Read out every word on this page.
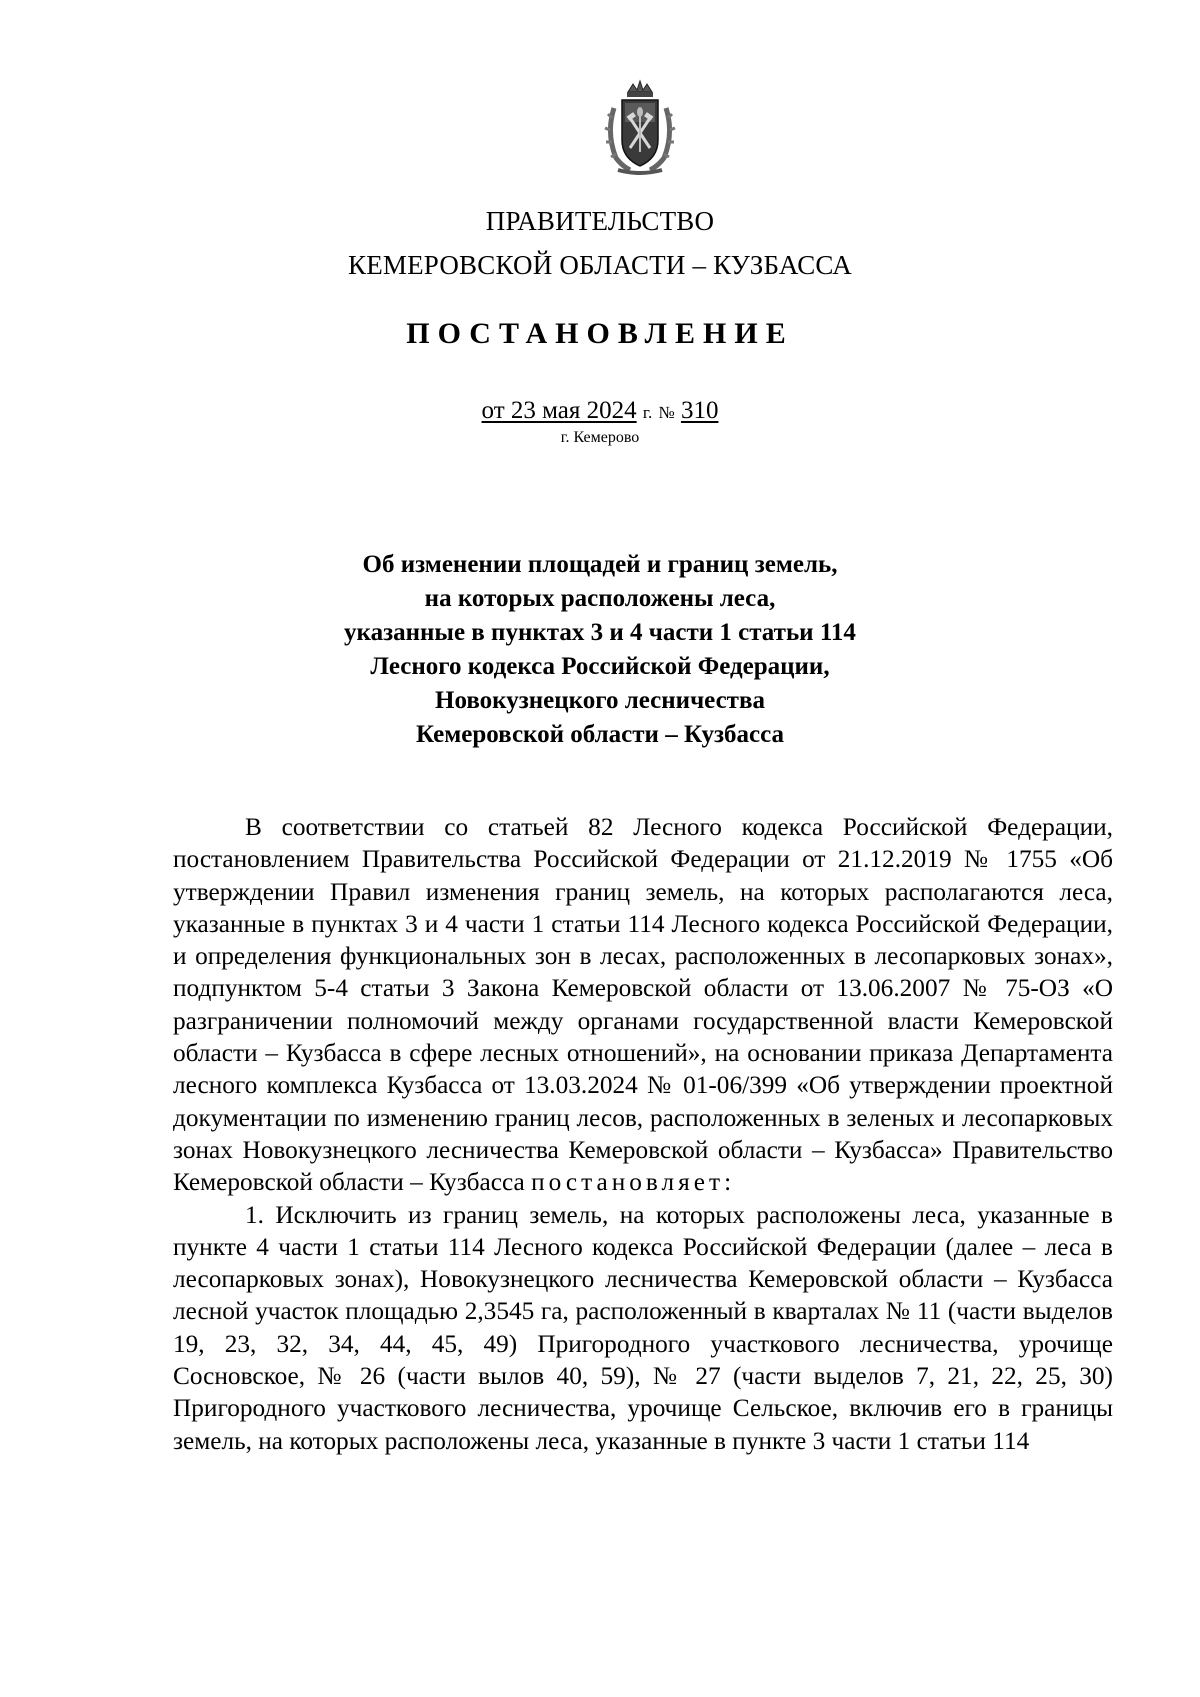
ПРАВИТЕЛЬСТВО
КЕМЕРОВСКОЙ ОБЛАСТИ – КУЗБАССА
ПОСТАНОВЛЕНИЕ
от 23 мая 2024 г. № 310
г. Кемерово
Об изменении площадей и границ земель,
на которых расположены леса,
указанные в пунктах 3 и 4 части 1 статьи 114
Лесного кодекса Российской Федерации,
Новокузнецкого лесничества
Кемеровской области – Кузбасса

В соответствии со статьей 82 Лесного кодекса Российской Федерации, постановлением Правительства Российской Федерации от 21.12.2019 № 1755 «Об утверждении Правил изменения границ земель, на которых располагаются леса, указанные в пунктах 3 и 4 части 1 статьи 114 Лесного кодекса Российской Федерации, и определения функциональных зон в лесах, расположенных в лесопарковых зонах», подпунктом 5-4 статьи 3 Закона Кемеровской области от 13.06.2007 № 75-ОЗ «О разграничении полномочий между органами государственной власти Кемеровской области – Кузбасса в сфере лесных отношений», на основании приказа Департамента лесного комплекса Кузбасса от 13.03.2024 № 01-06/399 «Об утверждении проектной документации по изменению границ лесов, расположенных в зеленых и лесопарковых зонах Новокузнецкого лесничества Кемеровской области – Кузбасса» Правительство Кемеровской области – Кузбасса постановляет:

1. Исключить из границ земель, на которых расположены леса, указанные в пункте 4 части 1 статьи 114 Лесного кодекса Российской Федерации (далее – леса в лесопарковых зонах), Новокузнецкого лесничества Кемеровской области – Кузбасса лесной участок площадью 2,3545 га, расположенный в кварталах № 11 (части выделов 19, 23, 32, 34, 44, 45, 49) Пригородного участкового лесничества, урочище Сосновское, № 26 (части вылов 40, 59), № 27 (части выделов 7, 21, 22, 25, 30) Пригородного участкового лесничества, урочище Сельское, включив его в границы земель, на которых расположены леса, указанные в пункте 3 части 1 статьи 114
